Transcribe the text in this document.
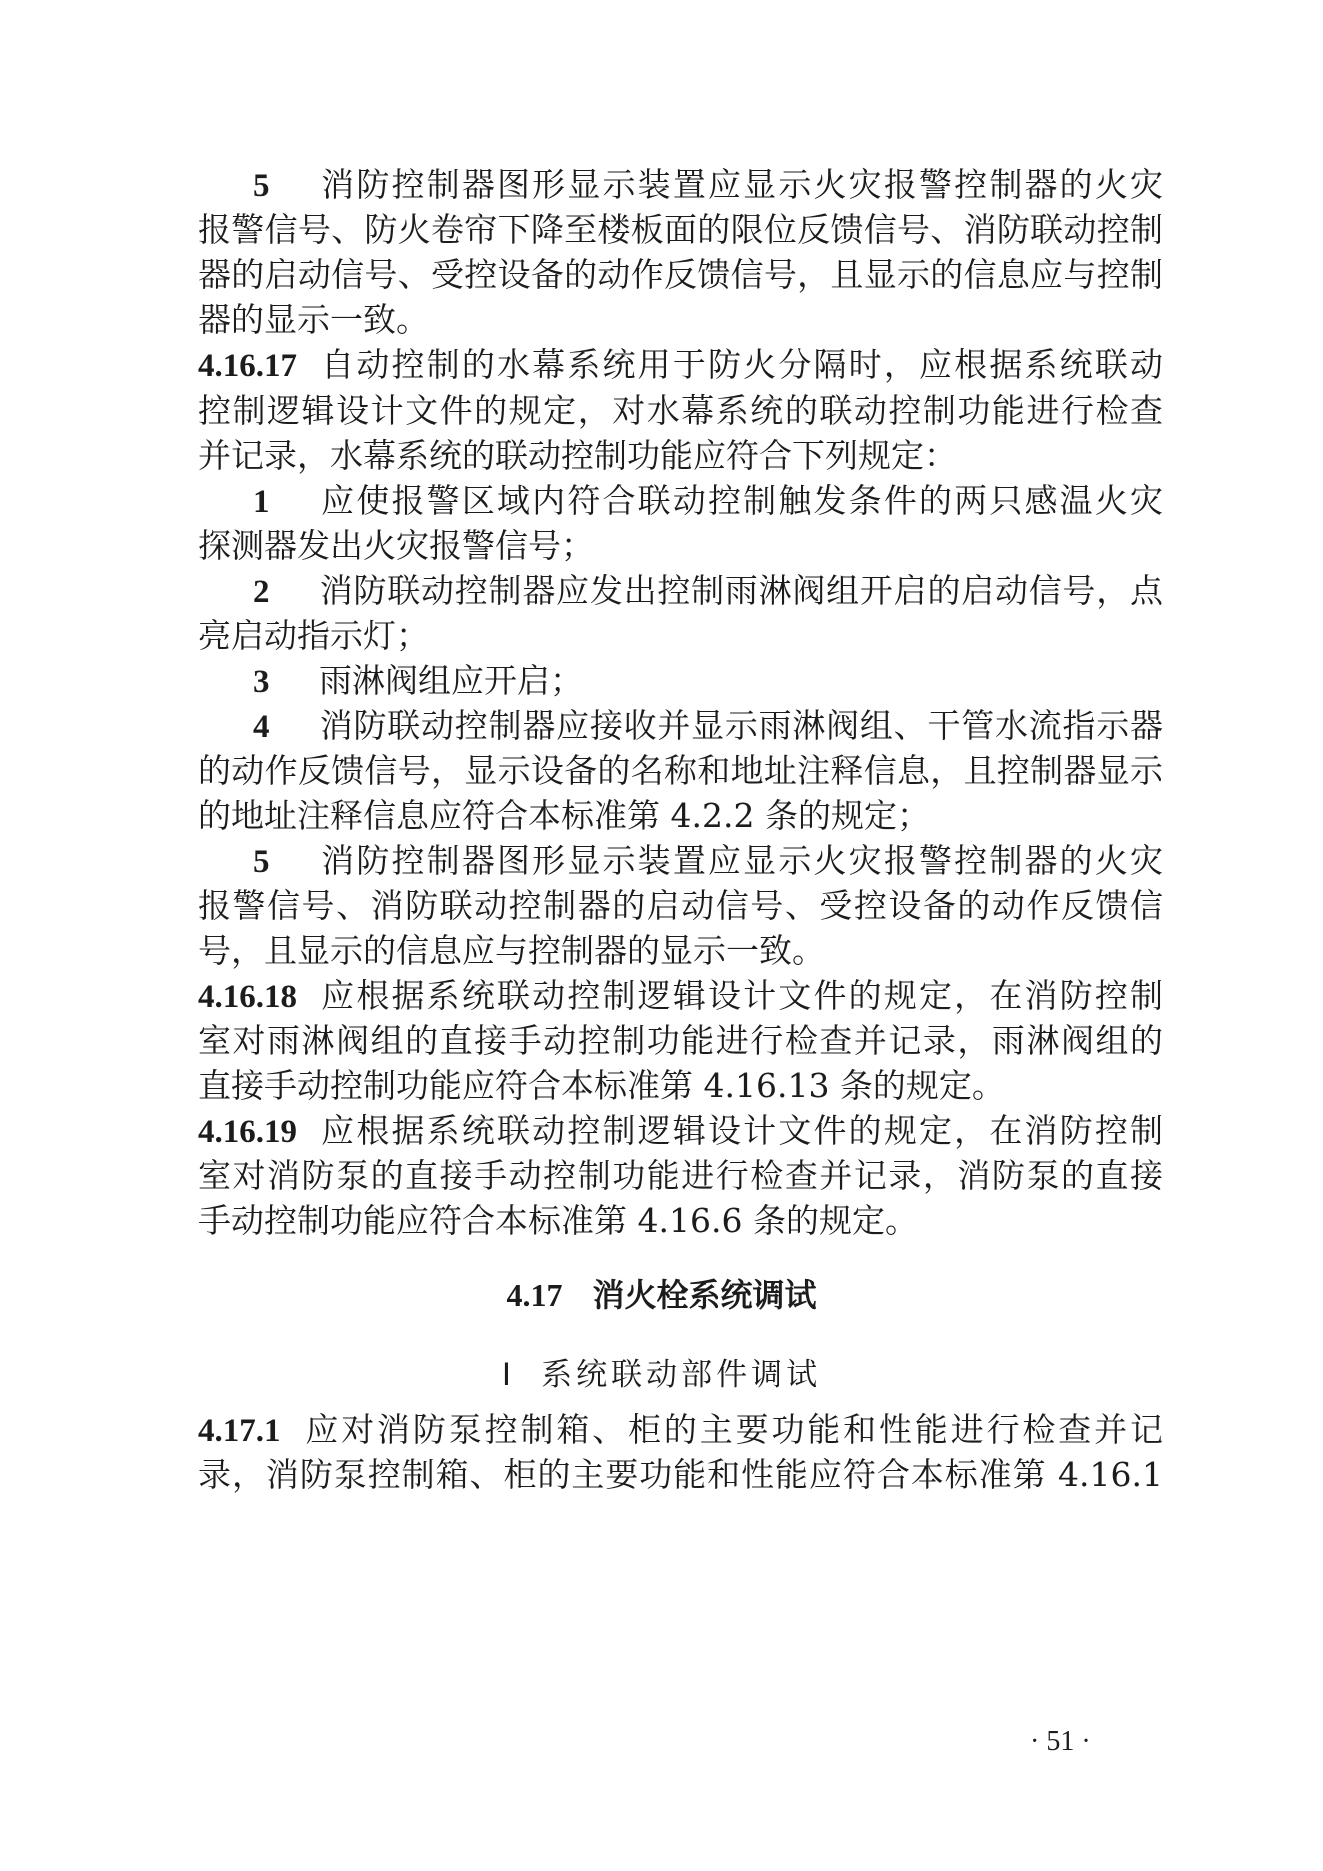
5 消防控制器图形显示装置应显示火灾报警控制器的火灾
报警信号、防火卷帘下降至楼板面的限位反馈信号、消防联动控制
器的启动信号、受控设备的动作反馈信号，且显示的信息应与控制
器的显示一致。
4.16.17 自动控制的水幕系统用于防火分隔时，应根据系统联动
控制逻辑设计文件的规定，对水幕系统的联动控制功能进行检查
并记录，水幕系统的联动控制功能应符合下列规定：
1 应使报警区域内符合联动控制触发条件的两只感温火灾
探测器发出火灾报警信号；
2 消防联动控制器应发出控制雨淋阀组开启的启动信号，点
亮启动指示灯；
3 雨淋阀组应开启；
4 消防联动控制器应接收并显示雨淋阀组、干管水流指示器
的动作反馈信号，显示设备的名称和地址注释信息，且控制器显示
的地址注释信息应符合本标准第 4.2.2 条的规定；
5 消防控制器图形显示装置应显示火灾报警控制器的火灾
报警信号、消防联动控制器的启动信号、受控设备的动作反馈信
号，且显示的信息应与控制器的显示一致。
4.16.18 应根据系统联动控制逻辑设计文件的规定，在消防控制
室对雨淋阀组的直接手动控制功能进行检查并记录，雨淋阀组的
直接手动控制功能应符合本标准第 4.16.13 条的规定。
4.16.19 应根据系统联动控制逻辑设计文件的规定，在消防控制
室对消防泵的直接手动控制功能进行检查并记录，消防泵的直接
手动控制功能应符合本标准第 4.16.6 条的规定。
4.17 消火栓系统调试
Ⅰ 系统联动部件调试
4.17.1 应对消防泵控制箱、柜的主要功能和性能进行检查并记
录，消防泵控制箱、柜的主要功能和性能应符合本标准第 4.16.1
· 51 ·
